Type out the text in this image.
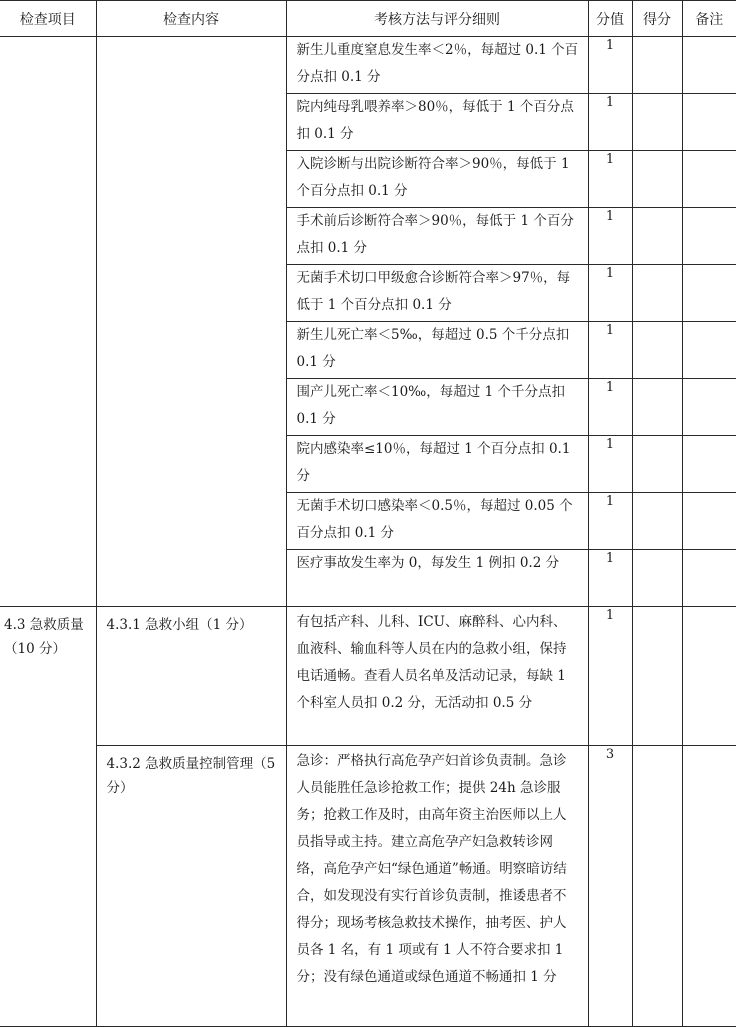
检查项目	检查内容	考核方法与评分细则	分值	得分	备注
		新生儿重度窒息发生率＜2％，每超过 0.1 个百分点扣 0.1 分	1		
		院内纯母乳喂养率＞80％，每低于 1 个百分点扣 0.1 分	1		
		入院诊断与出院诊断符合率＞90％，每低于 1 个百分点扣 0.1 分	1		
		手术前后诊断符合率＞90％，每低于 1 个百分点扣 0.1 分	1		
		无菌手术切口甲级愈合诊断符合率＞97％，每低于 1 个百分点扣 0.1 分	1		
		新生儿死亡率＜5‰，每超过 0.5 个千分点扣 0.1 分	1		
		围产儿死亡率＜10‰，每超过 1 个千分点扣 0.1 分	1		
		院内感染率≤10％，每超过 1 个百分点扣 0.1 分	1		
		无菌手术切口感染率＜0.5％，每超过 0.05 个百分点扣 0.1 分	1		
		医疗事故发生率为 0，每发生 1 例扣 0.2 分	1		
4.3 急救质量（10 分）	4.3.1 急救小组（1 分）	有包括产科、儿科、ICU、麻醉科、心内科、血液科、输血科等人员在内的急救小组，保持电话通畅。查看人员名单及活动记录，每缺 1 个科室人员扣 0.2 分，无活动扣 0.5 分	1		
	4.3.2 急救质量控制管理（5 分）	急诊：严格执行高危孕产妇首诊负责制。急诊人员能胜任急诊抢救工作；提供 24h 急诊服务；抢救工作及时，由高年资主治医师以上人员指导或主持。建立高危孕产妇急救转诊网络，高危孕产妇“绿色通道”畅通。明察暗访结合，如发现没有实行首诊负责制，推诿患者不得分；现场考核急救技术操作，抽考医、护人员各 1 名，有 1 项或有 1 人不符合要求扣 1 分；没有绿色通道或绿色通道不畅通扣 1 分	3		
